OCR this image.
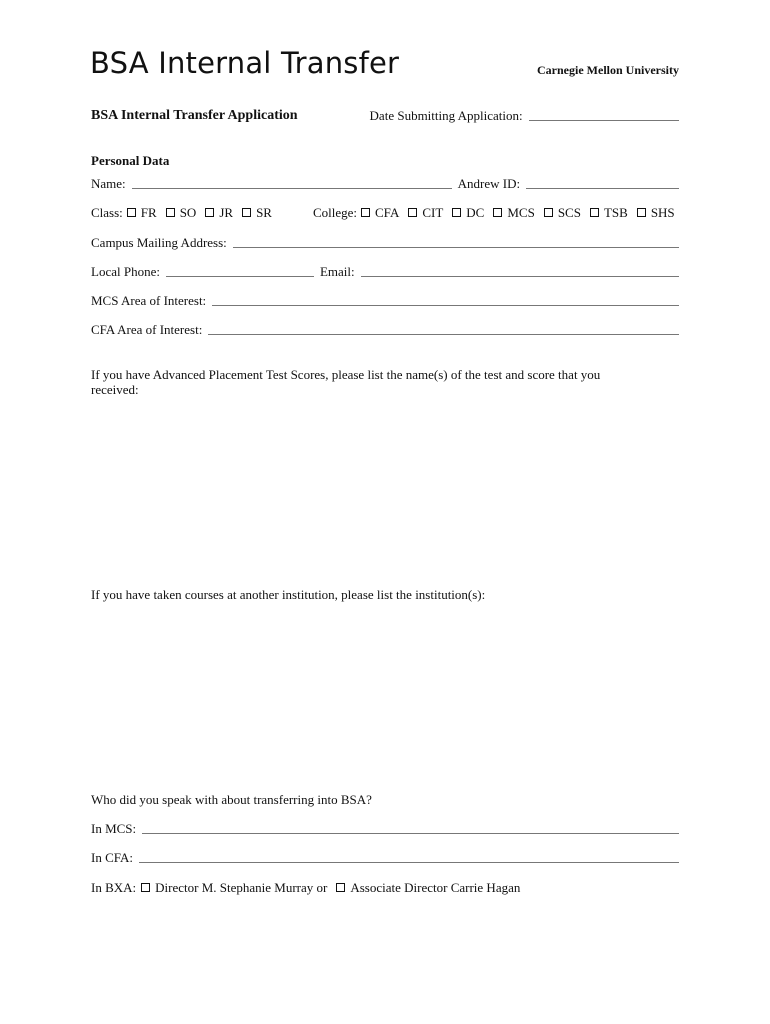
BSA Internal Transfer	Carnegie Mellon University
BSA Internal Transfer Application	Date Submitting Application:
Personal Data
Name:	Andrew ID:
Class: FR SO JR SR	College: CFA CIT DC MCS SCS TSB SHS
Campus Mailing Address:
Local Phone:	Email:
MCS Area of Interest:
CFA Area of Interest:
If you have Advanced Placement Test Scores, please list the name(s) of the test and score that you received:
If you have taken courses at another institution, please list the institution(s):
Who did you speak with about transferring into BSA?
In MCS:
In CFA:
In BXA: Director M. Stephanie Murray or Associate Director Carrie Hagan
